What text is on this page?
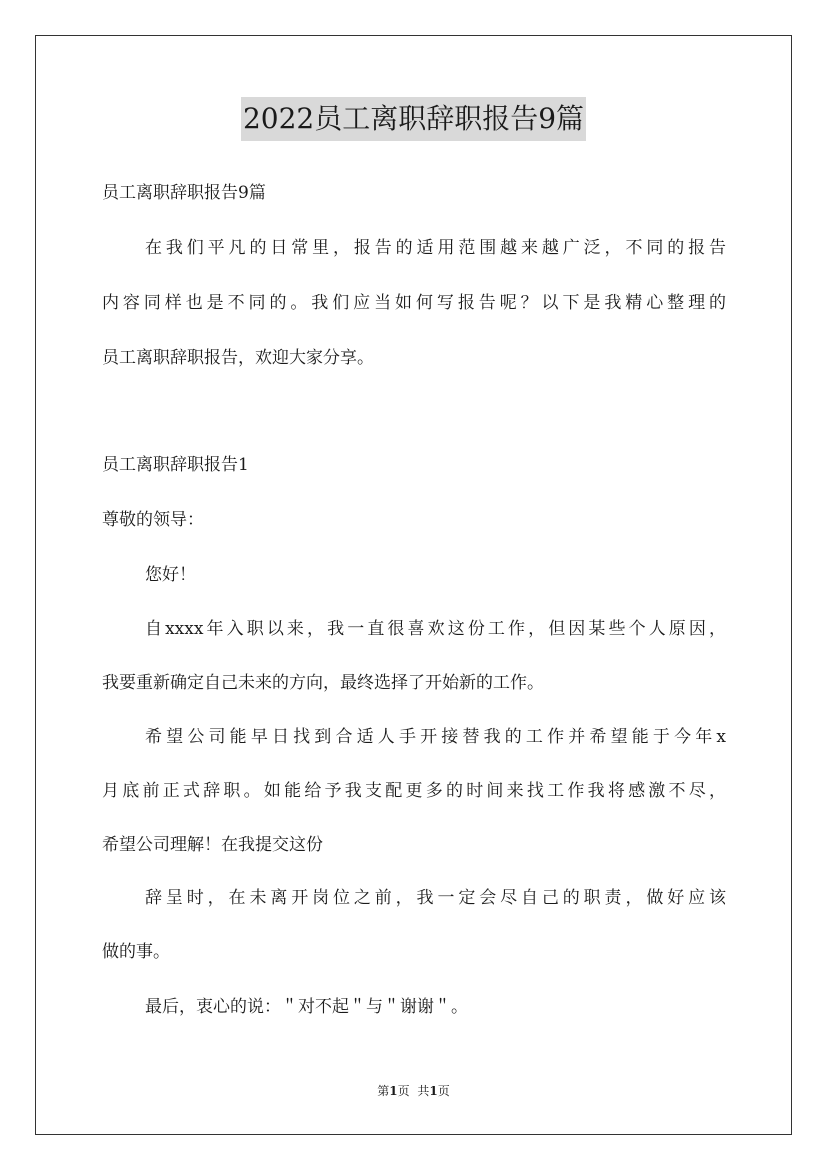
2022员工离职辞职报告9篇
员工离职辞职报告9篇
在我们平凡的日常里，报告的适用范围越来越广泛，不同的报告
内容同样也是不同的。我们应当如何写报告呢？以下是我精心整理的
员工离职辞职报告，欢迎大家分享。
员工离职辞职报告1
尊敬的领导：
您好！
自xxxx年入职以来，我一直很喜欢这份工作，但因某些个人原因，
我要重新确定自己未来的方向，最终选择了开始新的工作。
希望公司能早日找到合适人手开接替我的工作并希望能于今年x
月底前正式辞职。如能给予我支配更多的时间来找工作我将感激不尽，
希望公司理解！在我提交这份
辞呈时，在未离开岗位之前，我一定会尽自己的职责，做好应该
做的事。
最后，衷心的说：＂对不起＂与＂谢谢＂。
第1页 共1页
